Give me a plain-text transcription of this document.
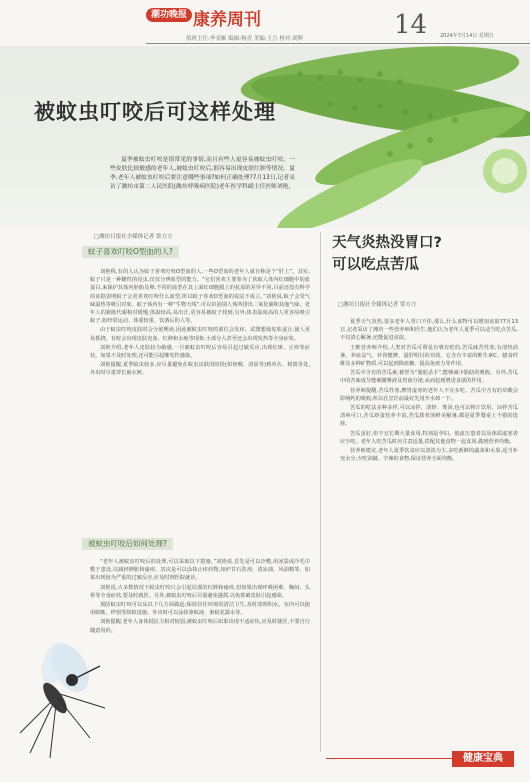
潮功晚报 康养周刊
值班主任:李金顺 编辑:杨青 美编:王言 校对:刘辉	14	2024年7月14日 星期日
被蚊虫叮咬后可这样处理

夏季被蚊虫叮咬是很常见的事情,而且有些人更容易被蚊虫叮咬。一些皮肤比较敏感的老年人,被蚊虫叮咬后,很容易出现皮肤红肿等情况。夏季,老年人被蚊虫叮咬后要注意哪些事项?如何正确处理?7月13日,记者采访了潍坊市第二人民医院(潍坊呼吸病医院)老年医学科副主任医师刘艳。

□潍坊日报社全媒体记者 常方方
蚊子喜欢叮咬O型血的人?

刘艳称,有的人认为蚊子喜欢叮咬O型血的人,一些O型血的老年人就自称是个“肝上”。其实,蚊子只是一种雌性的昆虫,仅仅分辨血型的能力。“它们喜欢主要参为了获取人体内红细胞中的血蛋白,来保护其体内胚胎及卵,不同的血型在其上面红细胞膜上的抗原的差异不同,目前还没有科学的证据表明蚊子会更喜欢叮咬什么血型,所以蚊子喜欢O型血的说法不成立。”刘艳说,蚊子会受气味温热等吸引对象。蚊子体内有一种“生物天线”,可以识别别人体所排出二氧化碳和其他气味。老年人的新陈代谢相对缓慢,体温较高,易出汗,更容易被蚊子找到,另外,体表温度高的人更容易吸引蚊子,如经常运动、体重较重、饮酒后的人等。

由于蚊虫叮咬皮肤时会分泌唾液,因此被蚊虫叮咬的部位会发痒。试图想使皮肤退让,使人更易抓挠。有时会出现皮肤充血、红肿和水疱等现象,小部分人甚至还会出现发热等全身症状。

刘艳介绍,老年人皮肤较为敏感,一旦被蚊虫叮咬后容易引起过敏反应,出现红斑、丘疹等症状。如果不及时处理,还可能引起继发性感染。

刘艳提醒,夏季蚊虫较多,应尽量避免在蚊虫活跃的时段(如傍晚、清晨等)到草丛、树荫等处,外出时尽量穿长袖衣裤。

被蚊虫叮咬后如何处理?

“老年人被蚊虫叮咬后的处理,可以采取以下措施。”刘艳说,首先是可以冷敷,用冰袋或冷毛巾敷于患处,以减轻肿胀和瘙痒。其次是可以涂抹止痒药物,如炉甘石洗剂、清凉油、风油精等。如果出现较为严重的过敏反应,应及时到医院就诊。

刘艳说,大多数情况下蚊虫叮咬只会引起局部的红肿和瘙痒,但如果出现呼吸困难、胸闷、头晕等全身症状,要及时就医。另外,被蚊虫叮咬后尽量避免搔抓,以免抓破皮肤引起感染。

预防蚊虫叮咬可以从以下几方面做起:保持居住环境的清洁卫生,及时清理积水。室内可以使用蚊帐、纱窗等防蚊设施。外出时可以涂抹驱蚊液、驱蚊花露水等。

刘艳提醒,老年人身体抵抗力相对较弱,被蚊虫叮咬后如果出现不适症状,应及时就医,不要自行随意用药。

天气炎热没胃口?
可以吃点苦瓜
□潍坊日报社全媒体记者 常方方

夏季天气炎热,很多老年人胃口不佳,那么,什么食物可以增加食欲?7月13日,记者采访了潍坊一些营养师和医生,他们认为老年人夏季可以适当吃点苦瓜,不仅清心解暑,还能促进食欲。

王维营养师介绍,人类对苦瓜可谓是有褒有贬的,苦瓜味苦性寒,有清热消暑、养血益气、补肾健脾、滋肝明目的功效。它含有丰富的维生素C、膳食纤维及多种矿物质,可以起到降血糖、提高免疫力等作用。

苦瓜中含有的苦瓜素,被誉为“脂肪杀手”,能够减少脂肪的吸收。另外,苦瓜中的苦味成分能刺激唾液及胃液分泌,从而起到增进食欲的作用。

营养师提醒,苦瓜性寒,脾胃虚寒的老年人不宜多吃。苦瓜中含有的草酸会影响钙的吸收,所以在烹饪前最好先用开水焯一下。

苦瓜的吃法多种多样,可以凉拌、清炒、煲汤,也可以榨汁饮用。凉拌苦瓜清爽可口,苦瓜炒蛋营养丰富,苦瓜排骨汤鲜美解暑,都是夏季餐桌上不错的选择。

苦瓜虽好,但不宜长期大量食用,特别是孕妇、低血压患者以及体质虚寒者应少吃。老年人吃苦瓜时应注意适量,搭配其他食物一起食用,做到营养均衡。

营养师建议,老年人夏季饮食应以清淡为主,多吃新鲜的蔬菜和水果,适当补充水分,少吃油腻、辛辣的食物,保证营养全面均衡。

健康宝典
